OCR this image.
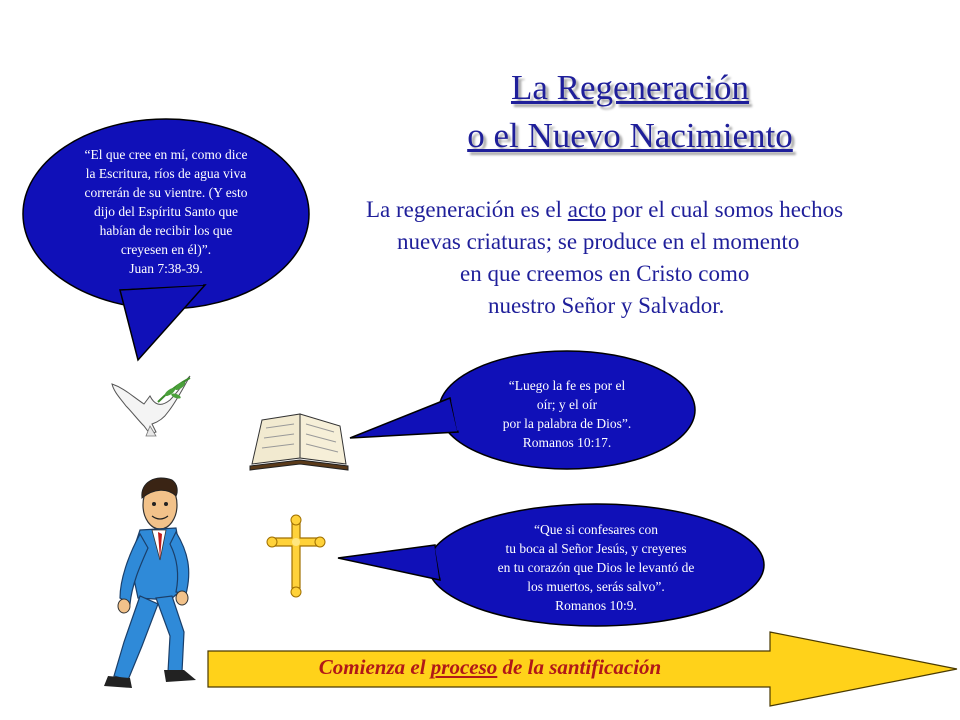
La Regeneración
o el Nuevo Nacimiento
La regeneración es el acto por el cual somos hechos
nuevas criaturas; se produce en el momento
en que creemos en Cristo como
nuestro Señor y Salvador.
“El que cree en mí, como dice
la Escritura, ríos de agua viva
correrán de su vientre. (Y esto
dijo del Espíritu Santo que
habían de recibir los que
creyesen en él)”.
Juan 7:38-39.
“Luego la fe es por el
oír; y el oír
por la palabra de Dios”.
Romanos 10:17.
“Que si confesares con
tu boca al Señor Jesús, y creyeres
en tu corazón que Dios le levantó de
los muertos, serás salvo”.
Romanos 10:9.
Comienza el proceso de la santificación
